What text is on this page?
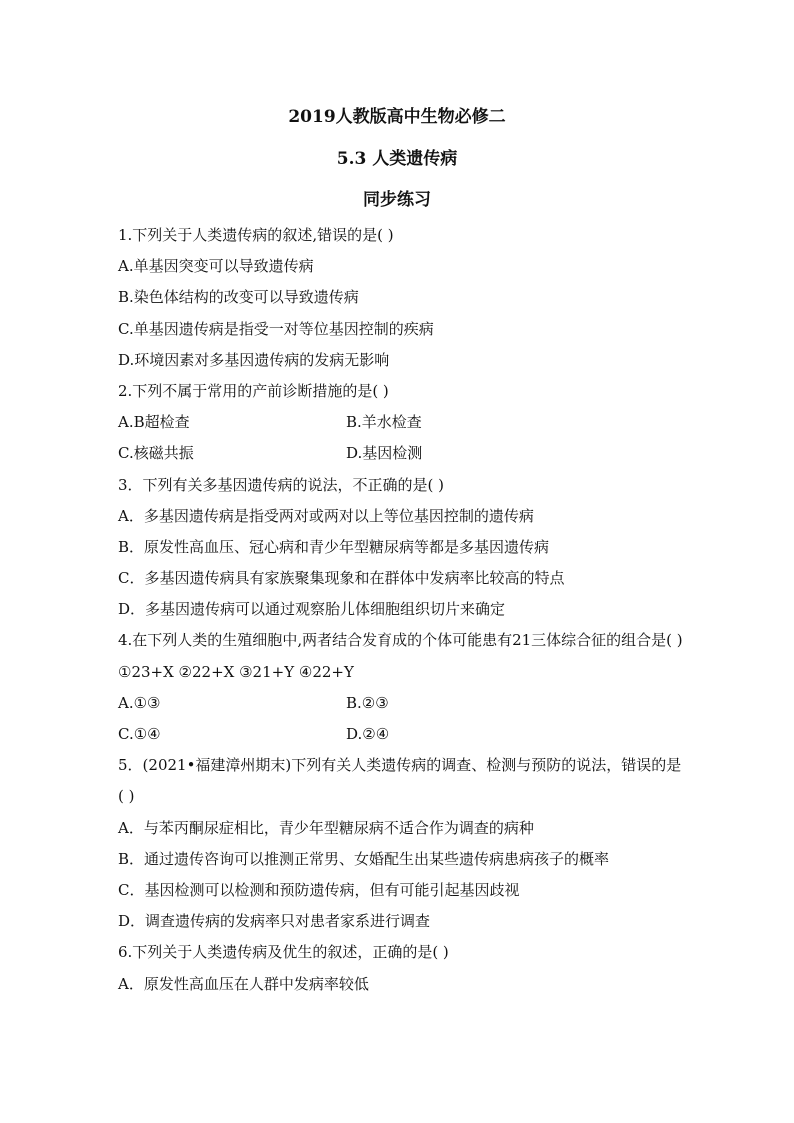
2019人教版高中生物必修二
5.3 人类遗传病
同步练习
1.下列关于人类遗传病的叙述,错误的是( )
A.单基因突变可以导致遗传病
B.染色体结构的改变可以导致遗传病
C.单基因遗传病是指受一对等位基因控制的疾病
D.环境因素对多基因遗传病的发病无影响
2.下列不属于常用的产前诊断措施的是( )
A.B超检查	B.羊水检查
C.核磁共振	D.基因检测
3．下列有关多基因遗传病的说法，不正确的是( )
A．多基因遗传病是指受两对或两对以上等位基因控制的遗传病
B．原发性高血压、冠心病和青少年型糖尿病等都是多基因遗传病
C．多基因遗传病具有家族聚集现象和在群体中发病率比较高的特点
D．多基因遗传病可以通过观察胎儿体细胞组织切片来确定
4.在下列人类的生殖细胞中,两者结合发育成的个体可能患有21三体综合征的组合是( )
①23+X ②22+X ③21+Y ④22+Y
A.①③	B.②③
C.①④	D.②④
5．(2021•福建漳州期末)下列有关人类遗传病的调查、检测与预防的说法，错误的是( )
A．与苯丙酮尿症相比，青少年型糖尿病不适合作为调查的病种
B．通过遗传咨询可以推测正常男、女婚配生出某些遗传病患病孩子的概率
C．基因检测可以检测和预防遗传病，但有可能引起基因歧视
D．调查遗传病的发病率只对患者家系进行调查
6.下列关于人类遗传病及优生的叙述，正确的是( )
A．原发性高血压在人群中发病率较低
